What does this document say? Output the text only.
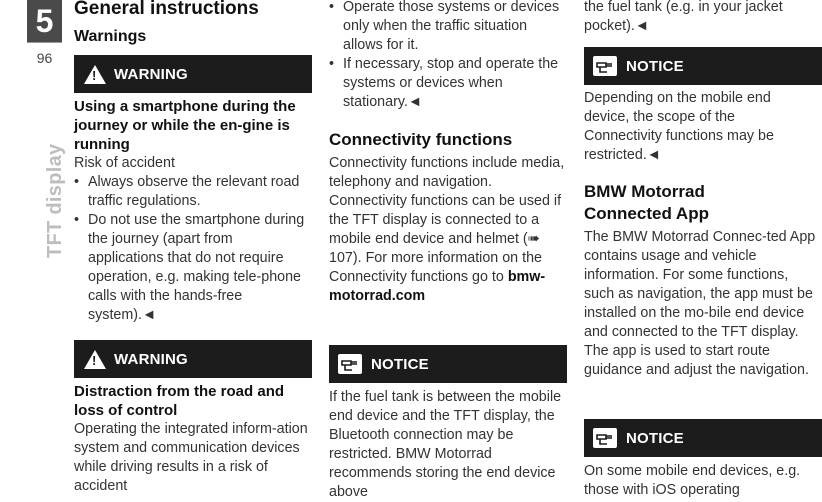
5
96
TFT display
General instructions
Warnings
! WARNING
Using a smartphone during the journey or while the en-gine is running
Risk of accident
• Always observe the relevant road traffic regulations.
• Do not use the smartphone during the journey (apart from applications that do not require operation, e.g. making tele-phone calls with the hands-free system).◄
! WARNING
Distraction from the road and loss of control
Operating the integrated inform-ation system and communication devices while driving results in a risk of accident
• Operate those systems or devices only when the traffic situation allows for it.
• If necessary, stop and operate the systems or devices when stationary.◄
Connectivity functions
Connectivity functions include media, telephony and navigation. Connectivity functions can be used if the TFT display is connected to a mobile end device and helmet (➠ 107). For more information on the Connectivity functions go to bmw-motorrad.com
NOTICE
If the fuel tank is between the mobile end device and the TFT display, the Bluetooth connection may be restricted. BMW Motorrad recommends storing the end device above
the fuel tank (e.g. in your jacket pocket).◄
NOTICE
Depending on the mobile end device, the scope of the Connectivity functions may be restricted.◄
BMW Motorrad Connected App
The BMW Motorrad Connec-ted App contains usage and vehicle information. For some functions, such as navigation, the app must be installed on the mo-bile end device and connected to the TFT display. The app is used to start route guidance and adjust the navigation.
NOTICE
On some mobile end devices, e.g. those with iOS operating
